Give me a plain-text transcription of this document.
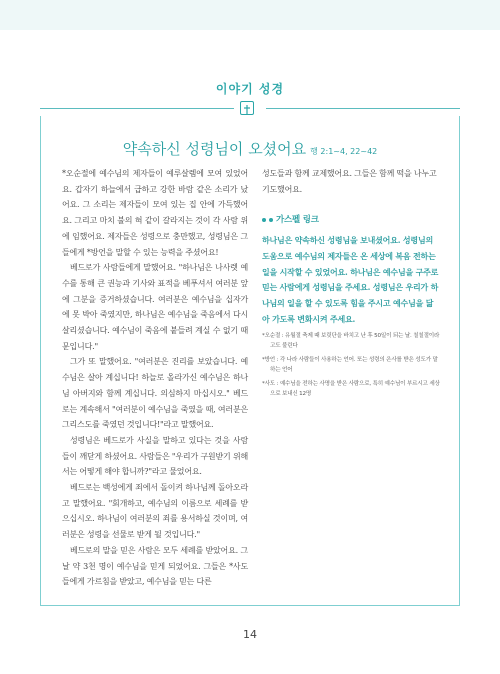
이야기 성경
약속하신 성령님이 오셨어요 행 2:1~4, 22~42

*오순절에 예수님의 제자들이 예루살렘에 모여 있었어요. 갑자기 하늘에서 급하고 강한 바람 같은 소리가 났어요. 그 소리는 제자들이 모여 있는 집 안에 가득했어요. 그리고 마치 불의 혀 같이 갈라지는 것이 각 사람 위에 임했어요. 제자들은 성령으로 충만했고, 성령님은 그들에게 *방언을 말할 수 있는 능력을 주셨어요!

베드로가 사람들에게 말했어요. "하나님은 나사렛 예수를 통해 큰 권능과 기사와 표적을 베푸셔서 여러분 앞에 그분을 증거하셨습니다. 여러분은 예수님을 십자가에 못 박아 죽였지만, 하나님은 예수님을 죽음에서 다시 살리셨습니다. 예수님이 죽음에 붙들려 계실 수 없기 때문입니다."

그가 또 말했어요. "여러분은 진리를 보았습니다. 예수님은 살아 계십니다! 하늘로 올라가신 예수님은 하나님 아버지와 함께 계십니다. 의심하지 마십시오." 베드로는 계속해서 "여러분이 예수님을 죽였을 때, 여러분은 그리스도를 죽였던 것입니다!"라고 말했어요.

성령님은 베드로가 사실을 말하고 있다는 것을 사람들이 깨닫게 하셨어요. 사람들은 "우리가 구원받기 위해서는 어떻게 해야 합니까?"라고 물었어요.

베드로는 백성에게 죄에서 돌이켜 하나님께 돌아오라고 말했어요. "회개하고, 예수님의 이름으로 세례를 받으십시오. 하나님이 여러분의 죄를 용서하실 것이며, 여러분은 성령을 선물로 받게 될 것입니다."

베드로의 말을 믿은 사람은 모두 세례를 받았어요. 그날 약 3천 명이 예수님을 믿게 되었어요. 그들은 *사도들에게 가르침을 받았고, 예수님을 믿는 다른

성도들과 함께 교제했어요. 그들은 함께 떡을 나누고 기도했어요.

가스펠 링크

하나님은 약속하신 성령님을 보내셨어요. 성령님의 도움으로 예수님의 제자들은 온 세상에 복음 전하는 일을 시작할 수 있었어요. 하나님은 예수님을 구주로 믿는 사람에게 성령님을 주세요. 성령님은 우리가 하나님의 일을 할 수 있도록 힘을 주시고 예수님을 닮아 가도록 변화시켜 주세요.

*오순절 : 유월절 축제 때 보릿단을 바치고 난 후 50일이 되는 날. 칠칠절이라고도 불린다
*방언 : 각 나라 사람들이 사용하는 언어. 또는 성령의 은사를 받은 성도가 말하는 언어
*사도 : 예수님을 전하는 사명을 받은 사람으로, 특히 예수님이 부르시고 세상으로 보내신 12명
14
